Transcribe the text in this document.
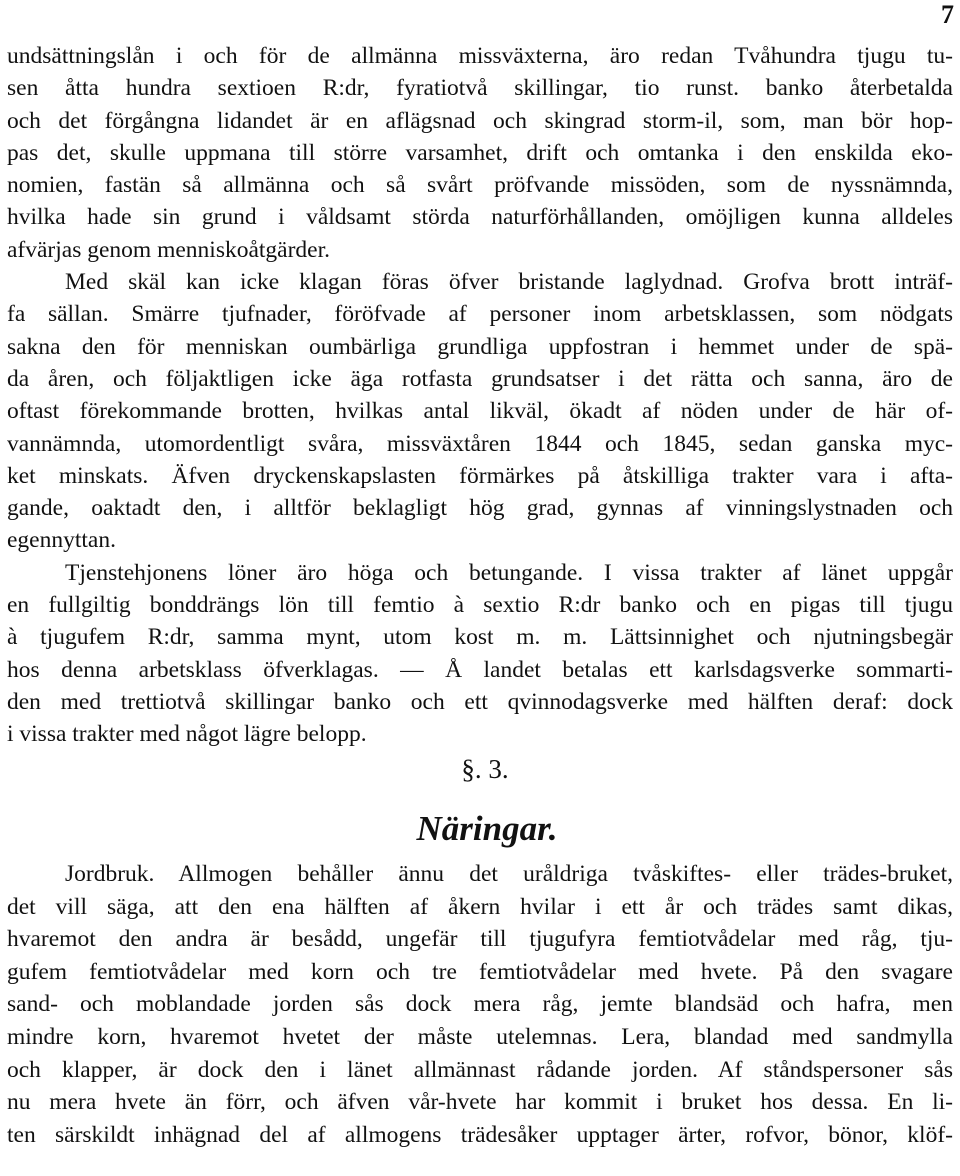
7
undsättningslån i och för de allmänna missväxterna, äro redan Tvåhundra tjugu tu-
sen åtta hundra sextioen R:dr, fyratiotvå skillingar, tio runst. banko återbetalda
och det förgångna lidandet är en aflägsnad och skingrad storm-il, som, man bör hop-
pas det, skulle uppmana till större varsamhet, drift och omtanka i den enskilda eko-
nomien, fastän så allmänna och så svårt pröfvande missöden, som de nyssnämnda,
hvilka hade sin grund i våldsamt störda naturförhållanden, omöjligen kunna alldeles
afvärjas genom menniskoåtgärder.
Med skäl kan icke klagan föras öfver bristande laglydnad. Grofva brott inträf-
fa sällan. Smärre tjufnader, föröfvade af personer inom arbetsklassen, som nödgats
sakna den för menniskan oumbärliga grundliga uppfostran i hemmet under de spä-
da åren, och följaktligen icke äga rotfasta grundsatser i det rätta och sanna, äro de
oftast förekommande brotten, hvilkas antal likväl, ökadt af nöden under de här of-
vannämnda, utomordentligt svåra, missväxtåren 1844 och 1845, sedan ganska myc-
ket minskats. Äfven dryckenskapslasten förmärkes på åtskilliga trakter vara i afta-
gande, oaktadt den, i alltför beklagligt hög grad, gynnas af vinningslystnaden och
egennyttan.
Tjenstehjonens löner äro höga och betungande. I vissa trakter af länet uppgår
en fullgiltig bonddrängs lön till femtio à sextio R:dr banko och en pigas till tjugu
à tjugufem R:dr, samma mynt, utom kost m. m. Lättsinnighet och njutningsbegär
hos denna arbetsklass öfverklagas. — Å landet betalas ett karlsdagsverke sommarti-
den med trettiotvå skillingar banko och ett qvinnodagsverke med hälften deraf: dock
i vissa trakter med något lägre belopp.
§. 3.
Näringar.
Jordbruk. Allmogen behåller ännu det uråldriga tvåskiftes- eller trädes-bruket,
det vill säga, att den ena hälften af åkern hvilar i ett år och trädes samt dikas,
hvaremot den andra är besådd, ungefär till tjugufyra femtiotvådelar med råg, tju-
gufem femtiotvådelar med korn och tre femtiotvådelar med hvete. På den svagare
sand- och moblandade jorden sås dock mera råg, jemte blandsäd och hafra, men
mindre korn, hvaremot hvetet der måste utelemnas. Lera, blandad med sandmylla
och klapper, är dock den i länet allmännast rådande jorden. Af ståndspersoner sås
nu mera hvete än förr, och äfven vår-hvete har kommit i bruket hos dessa. En li-
ten särskildt inhägnad del af allmogens trädesåker upptager ärter, rofvor, bönor, klöf-
